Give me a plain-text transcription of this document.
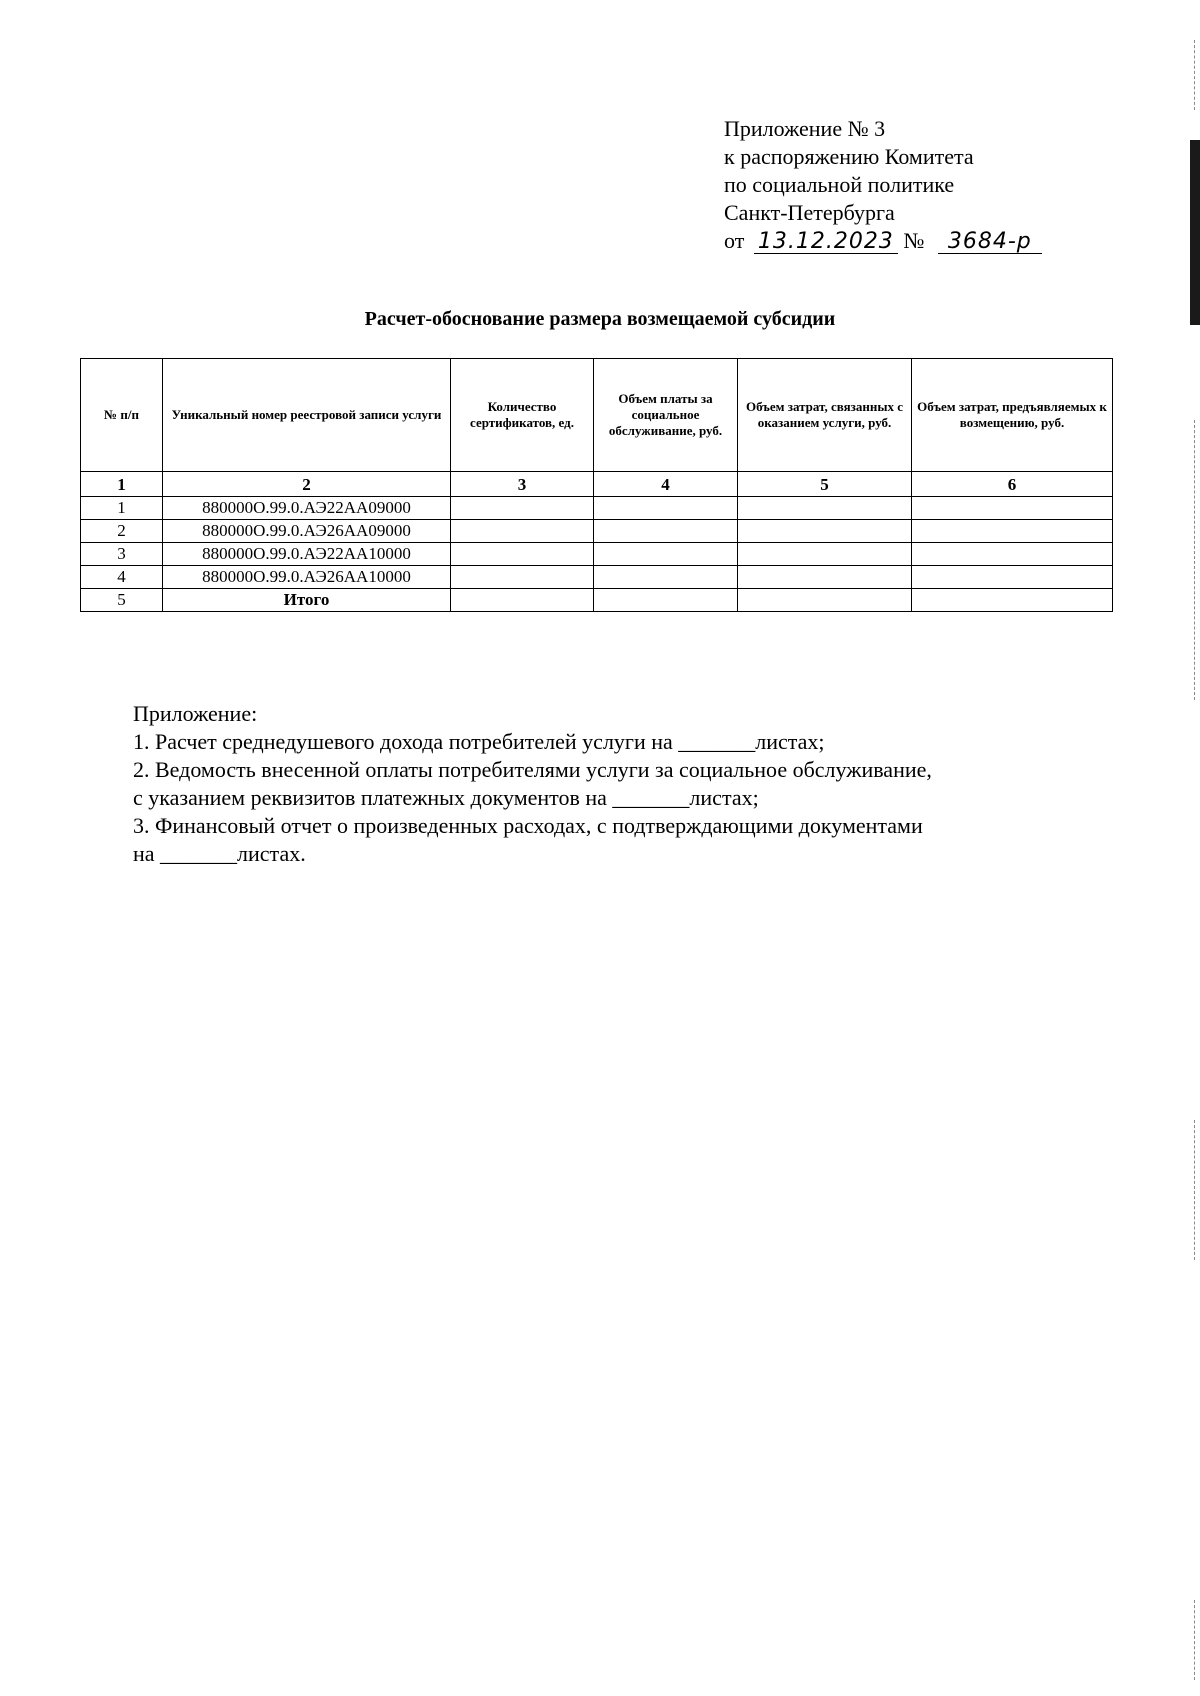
Приложение № 3
к распоряжению Комитета
по социальной политике
Санкт-Петербурга
от 13.12.2023 № 3684-р
Расчет-обоснование размера возмещаемой субсидии
№ п/п	Уникальный номер реестровой записи услуги	Количество сертификатов, ед.	Объем платы за социальное обслуживание, руб.	Объем затрат, связанных с оказанием услуги, руб.	Объем затрат, предъявляемых к возмещению, руб.
1	2	3	4	5	6
1	880000О.99.0.АЭ22АА09000				
2	880000О.99.0.АЭ26АА09000				
3	880000О.99.0.АЭ22АА10000				
4	880000О.99.0.АЭ26АА10000				
5	Итого				
Приложение:
1. Расчет среднедушевого дохода потребителей услуги на _______листах;
2. Ведомость внесенной оплаты потребителями услуги за социальное обслуживание,
с указанием реквизитов платежных документов на _______листах;
3. Финансовый отчет о произведенных расходах, с подтверждающими документами
на _______листах.
